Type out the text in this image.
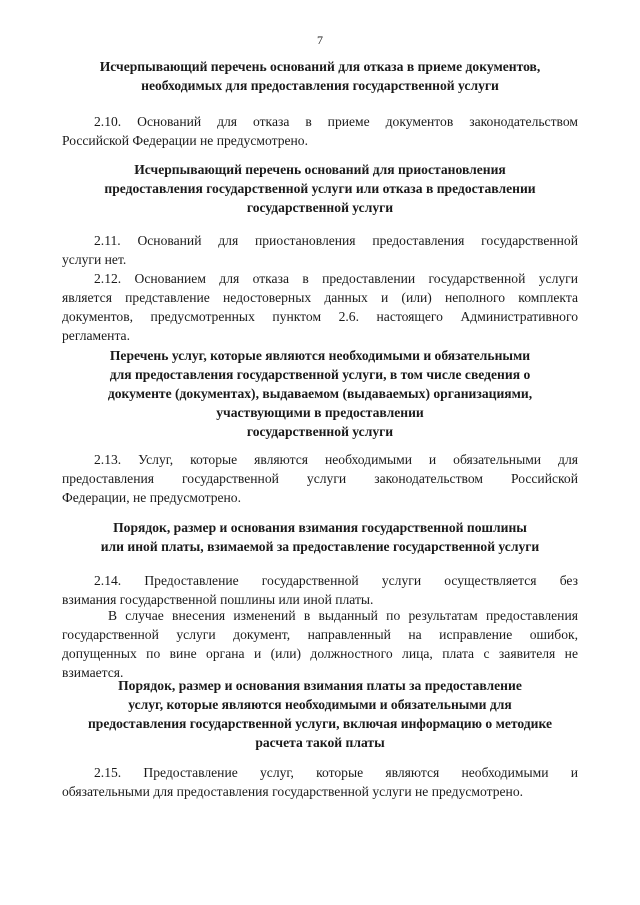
7
Исчерпывающий перечень оснований для отказа в приеме документов,
необходимых для предоставления государственной услуги
2.10. Оснований для отказа в приеме документов законодательством
Российской Федерации не предусмотрено.
Исчерпывающий перечень оснований для приостановления
предоставления государственной услуги или отказа в предоставлении
государственной услуги
2.11. Оснований для приостановления предоставления государственной
услуги нет.
2.12. Основанием для отказа в предоставлении государственной услуги
является представление недостоверных данных и (или) неполного комплекта
документов, предусмотренных пунктом 2.6. настоящего Административного
регламента.
Перечень услуг, которые являются необходимыми и обязательными
для предоставления государственной услуги, в том числе сведения о
документе (документах), выдаваемом (выдаваемых) организациями,
участвующими в предоставлении
государственной услуги
2.13. Услуг, которые являются необходимыми и обязательными для
предоставления государственной услуги законодательством Российской
Федерации, не предусмотрено.
Порядок, размер и основания взимания государственной пошлины
или иной платы, взимаемой за предоставление государственной услуги
2.14. Предоставление государственной услуги осуществляется без
взимания государственной пошлины или иной платы.
В случае внесения изменений в выданный по результатам предоставления
государственной услуги документ, направленный на исправление ошибок,
допущенных по вине органа и (или) должностного лица, плата с заявителя не
взимается.
Порядок, размер и основания взимания платы за предоставление
услуг, которые являются необходимыми и обязательными для
предоставления государственной услуги, включая информацию о методике
расчета такой платы
2.15. Предоставление услуг, которые являются необходимыми и
обязательными для предоставления государственной услуги не предусмотрено.
